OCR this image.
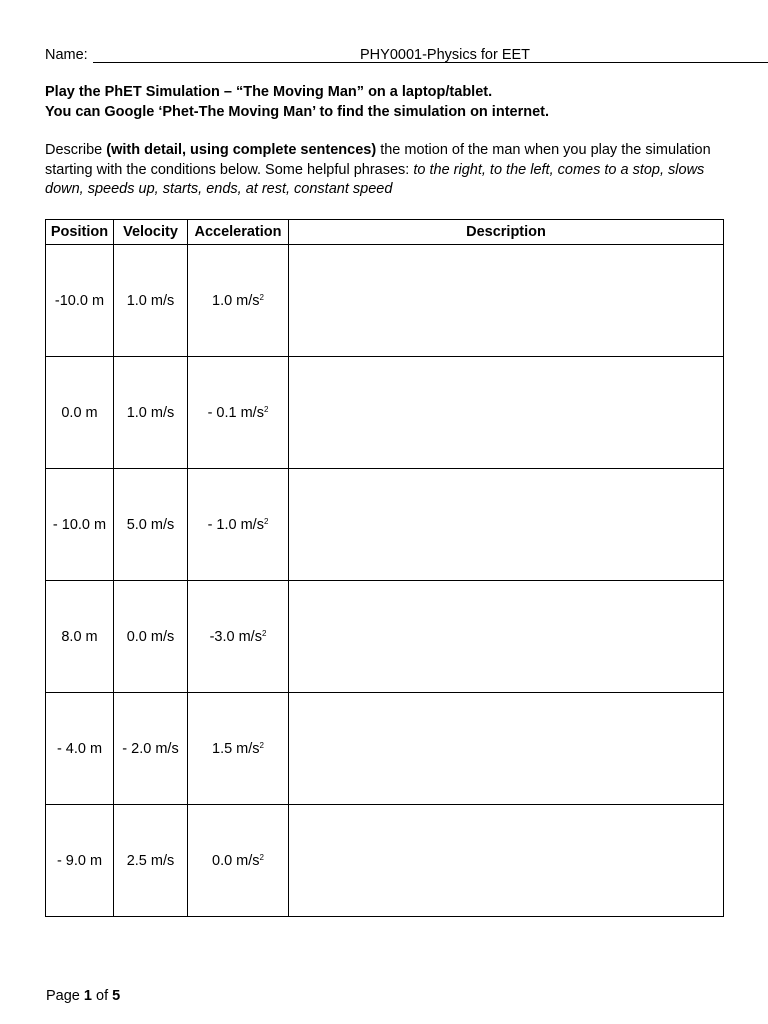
Name:	PHY0001-Physics for EET
Play the PhET Simulation – “The Moving Man” on a laptop/tablet.
You can Google ‘Phet-The Moving Man’ to find the simulation on internet.
Describe (with detail, using complete sentences) the motion of the man when you play the simulation starting with the conditions below. Some helpful phrases: to the right, to the left, comes to a stop, slows down, speeds up, starts, ends, at rest, constant speed
Position	Velocity	Acceleration	Description
-10.0 m	1.0 m/s	1.0 $m/s^2$	
0.0 m	1.0 m/s	- 0.1 $m/s^2$	
- 10.0 m	5.0 m/s	- 1.0 $m/s^2$	
8.0 m	0.0 m/s	-3.0 $m/s^2$	
- 4.0 m	- 2.0 m/s	1.5 $m/s^2$	
- 9.0 m	2.5 m/s	0.0 $m/s^2$	
Page 1 of 5
